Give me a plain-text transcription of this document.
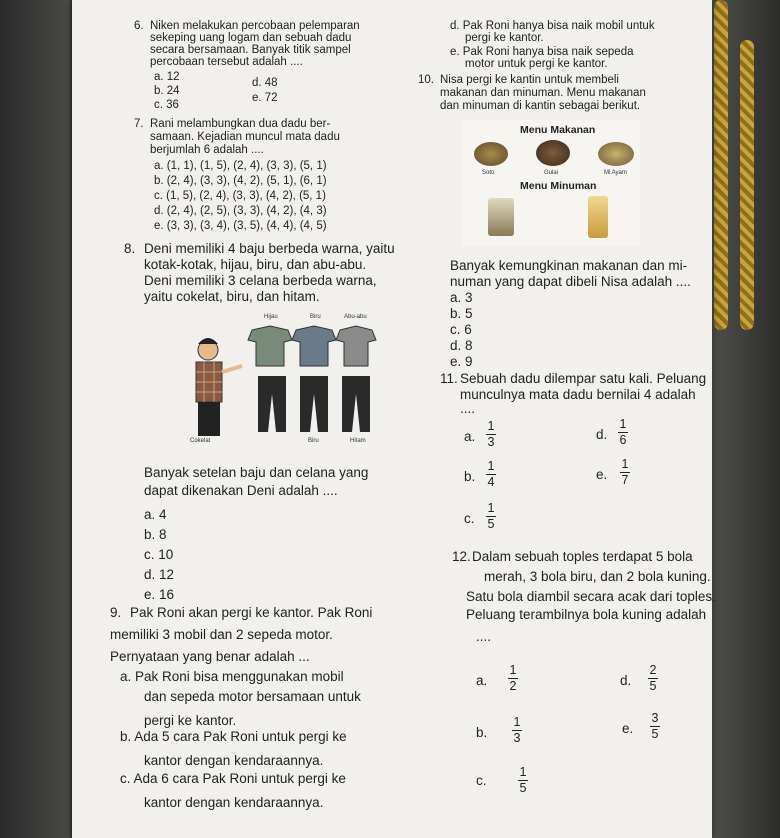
6. Niken melakukan percobaan pelemparan
sekeping uang logam dan sebuah dadu
secara bersamaan. Banyak titik sampel
percobaan tersebut adalah ....
a. 12
b. 24
c. 36
d. 48
e. 72
d. Pak Roni hanya bisa naik mobil untuk
pergi ke kantor.
e. Pak Roni hanya bisa naik sepeda
motor untuk pergi ke kantor.
10. Nisa pergi ke kantin untuk membeli
makanan dan minuman. Menu makanan
dan minuman di kantin sebagai berikut.
Menu Makanan
Soto	Gulai	Mi Ayam
Menu Minuman
Banyak kemungkinan makanan dan mi-
numan yang dapat dibeli Nisa adalah ....
a. 3
b. 5
c. 6
d. 8
e. 9
7. Rani melambungkan dua dadu ber-
samaan. Kejadian muncul mata dadu
berjumlah 6 adalah ....
a. (1, 1), (1, 5), (2, 4), (3, 3), (5, 1)
b. (2, 4), (3, 3), (4, 2), (5, 1), (6, 1)
c. (1, 5), (2, 4), (3, 3), (4, 2), (5, 1)
d. (2, 4), (2, 5), (3, 3), (4, 2), (4, 3)
e. (3, 3), (3, 4), (3, 5), (4, 4), (4, 5)
8. Deni memiliki 4 baju berbeda warna, yaitu
kotak-kotak, hijau, biru, dan abu-abu.
Deni memiliki 3 celana berbeda warna,
yaitu cokelat, biru, dan hitam.
Hijau	Biru	Abu-abu
Cokelat	Biru	Hitam
Banyak setelan baju dan celana yang
dapat dikenakan Deni adalah ....
a. 4
b. 8
c. 10
d. 12
e. 16
11. Sebuah dadu dilempar satu kali. Peluang
munculnya mata dadu bernilai 4 adalah
....
a.
1
3
b.
1
4
c.
1
5
d.
1
6
e.
1
7
12. Dalam sebuah toples terdapat 5 bola
merah, 3 bola biru, dan 2 bola kuning.
Satu bola diambil secara acak dari toples.
Peluang terambilnya bola kuning adalah
....
a.
1
2
b.
1
3
c.
1
5
d.
2
5
e.
3
5
9. Pak Roni akan pergi ke kantor. Pak Roni
memiliki 3 mobil dan 2 sepeda motor.
Pernyataan yang benar adalah ...
a. Pak Roni bisa menggunakan mobil
dan sepeda motor bersamaan untuk
pergi ke kantor.
b. Ada 5 cara Pak Roni untuk pergi ke
kantor dengan kendaraannya.
c. Ada 6 cara Pak Roni untuk pergi ke
kantor dengan kendaraannya.
